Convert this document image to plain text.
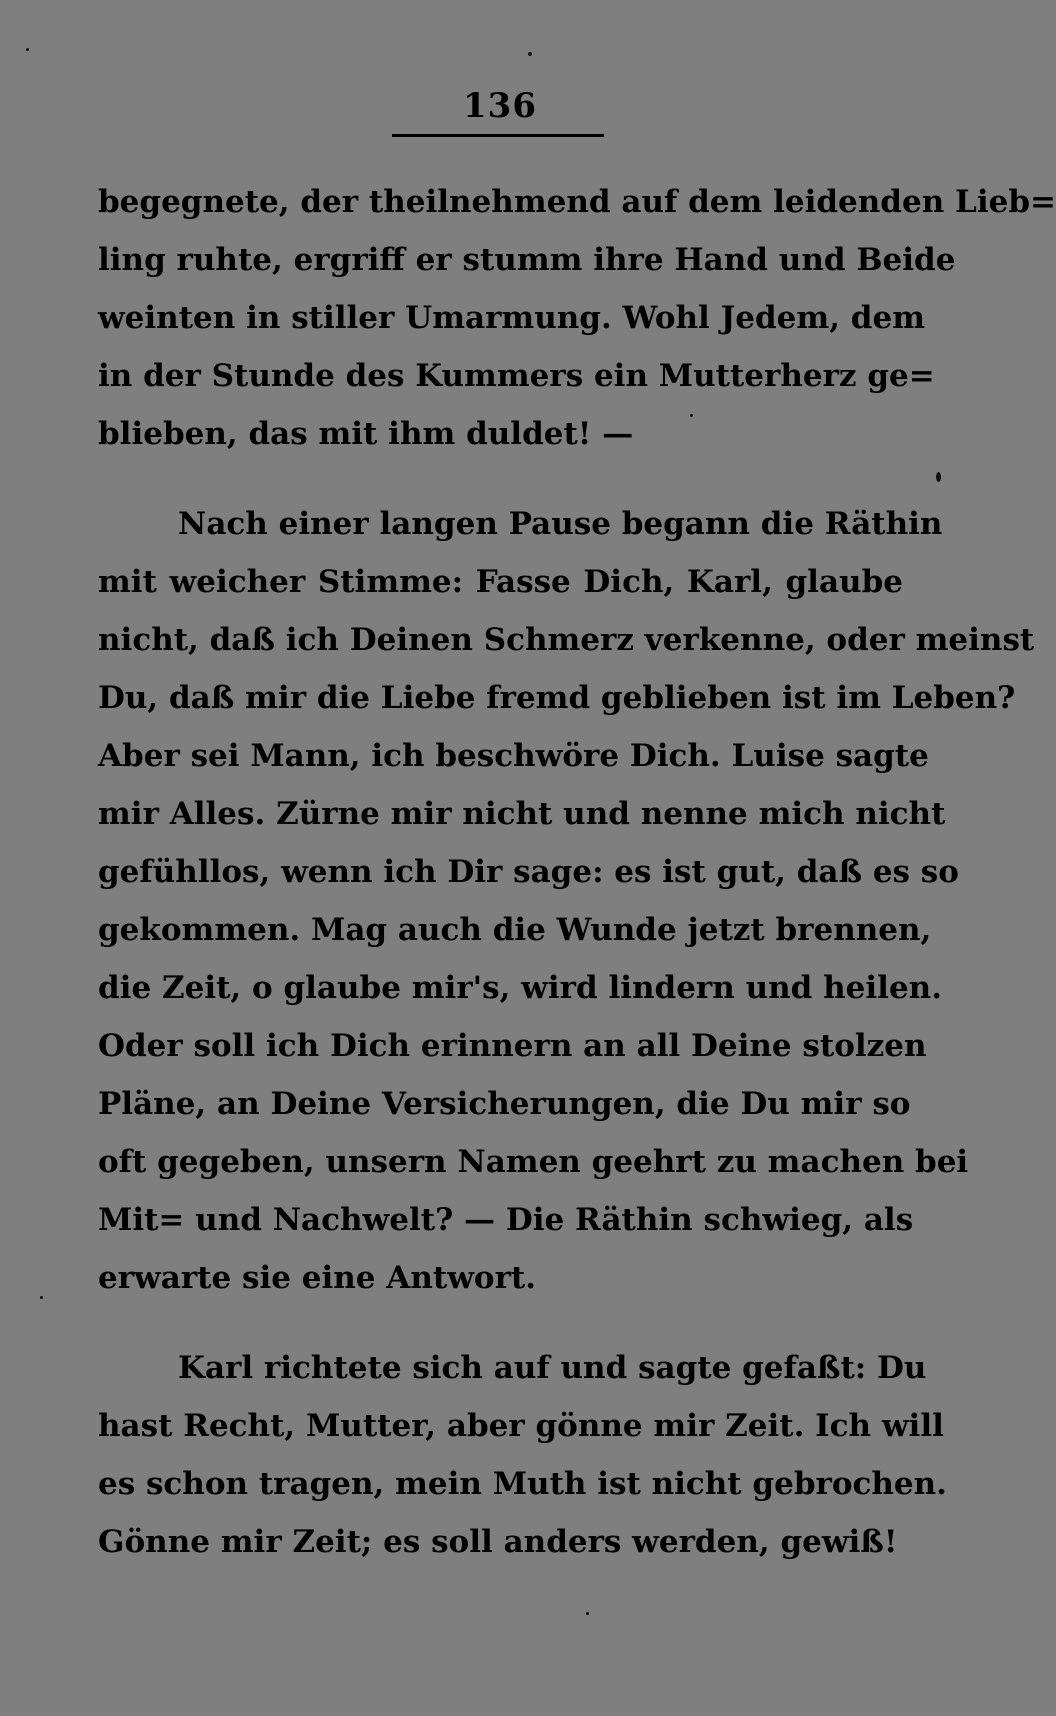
136
begegnete, der theilnehmend auf dem leidenden Lieb=
ling ruhte, ergriff er stumm ihre Hand und Beide
weinten in stiller Umarmung. Wohl Jedem, dem
in der Stunde des Kummers ein Mutterherz ge=
blieben, das mit ihm duldet! —
Nach einer langen Pause begann die Räthin
mit weicher Stimme: Fasse Dich, Karl, glaube
nicht, daß ich Deinen Schmerz verkenne, oder meinst
Du, daß mir die Liebe fremd geblieben ist im Leben?
Aber sei Mann, ich beschwöre Dich. Luise sagte
mir Alles. Zürne mir nicht und nenne mich nicht
gefühllos, wenn ich Dir sage: es ist gut, daß es so
gekommen. Mag auch die Wunde jetzt brennen,
die Zeit, o glaube mir's, wird lindern und heilen.
Oder soll ich Dich erinnern an all Deine stolzen
Pläne, an Deine Versicherungen, die Du mir so
oft gegeben, unsern Namen geehrt zu machen bei
Mit= und Nachwelt? — Die Räthin schwieg, als
erwarte sie eine Antwort.
Karl richtete sich auf und sagte gefaßt: Du
hast Recht, Mutter, aber gönne mir Zeit. Ich will
es schon tragen, mein Muth ist nicht gebrochen.
Gönne mir Zeit; es soll anders werden, gewiß!
